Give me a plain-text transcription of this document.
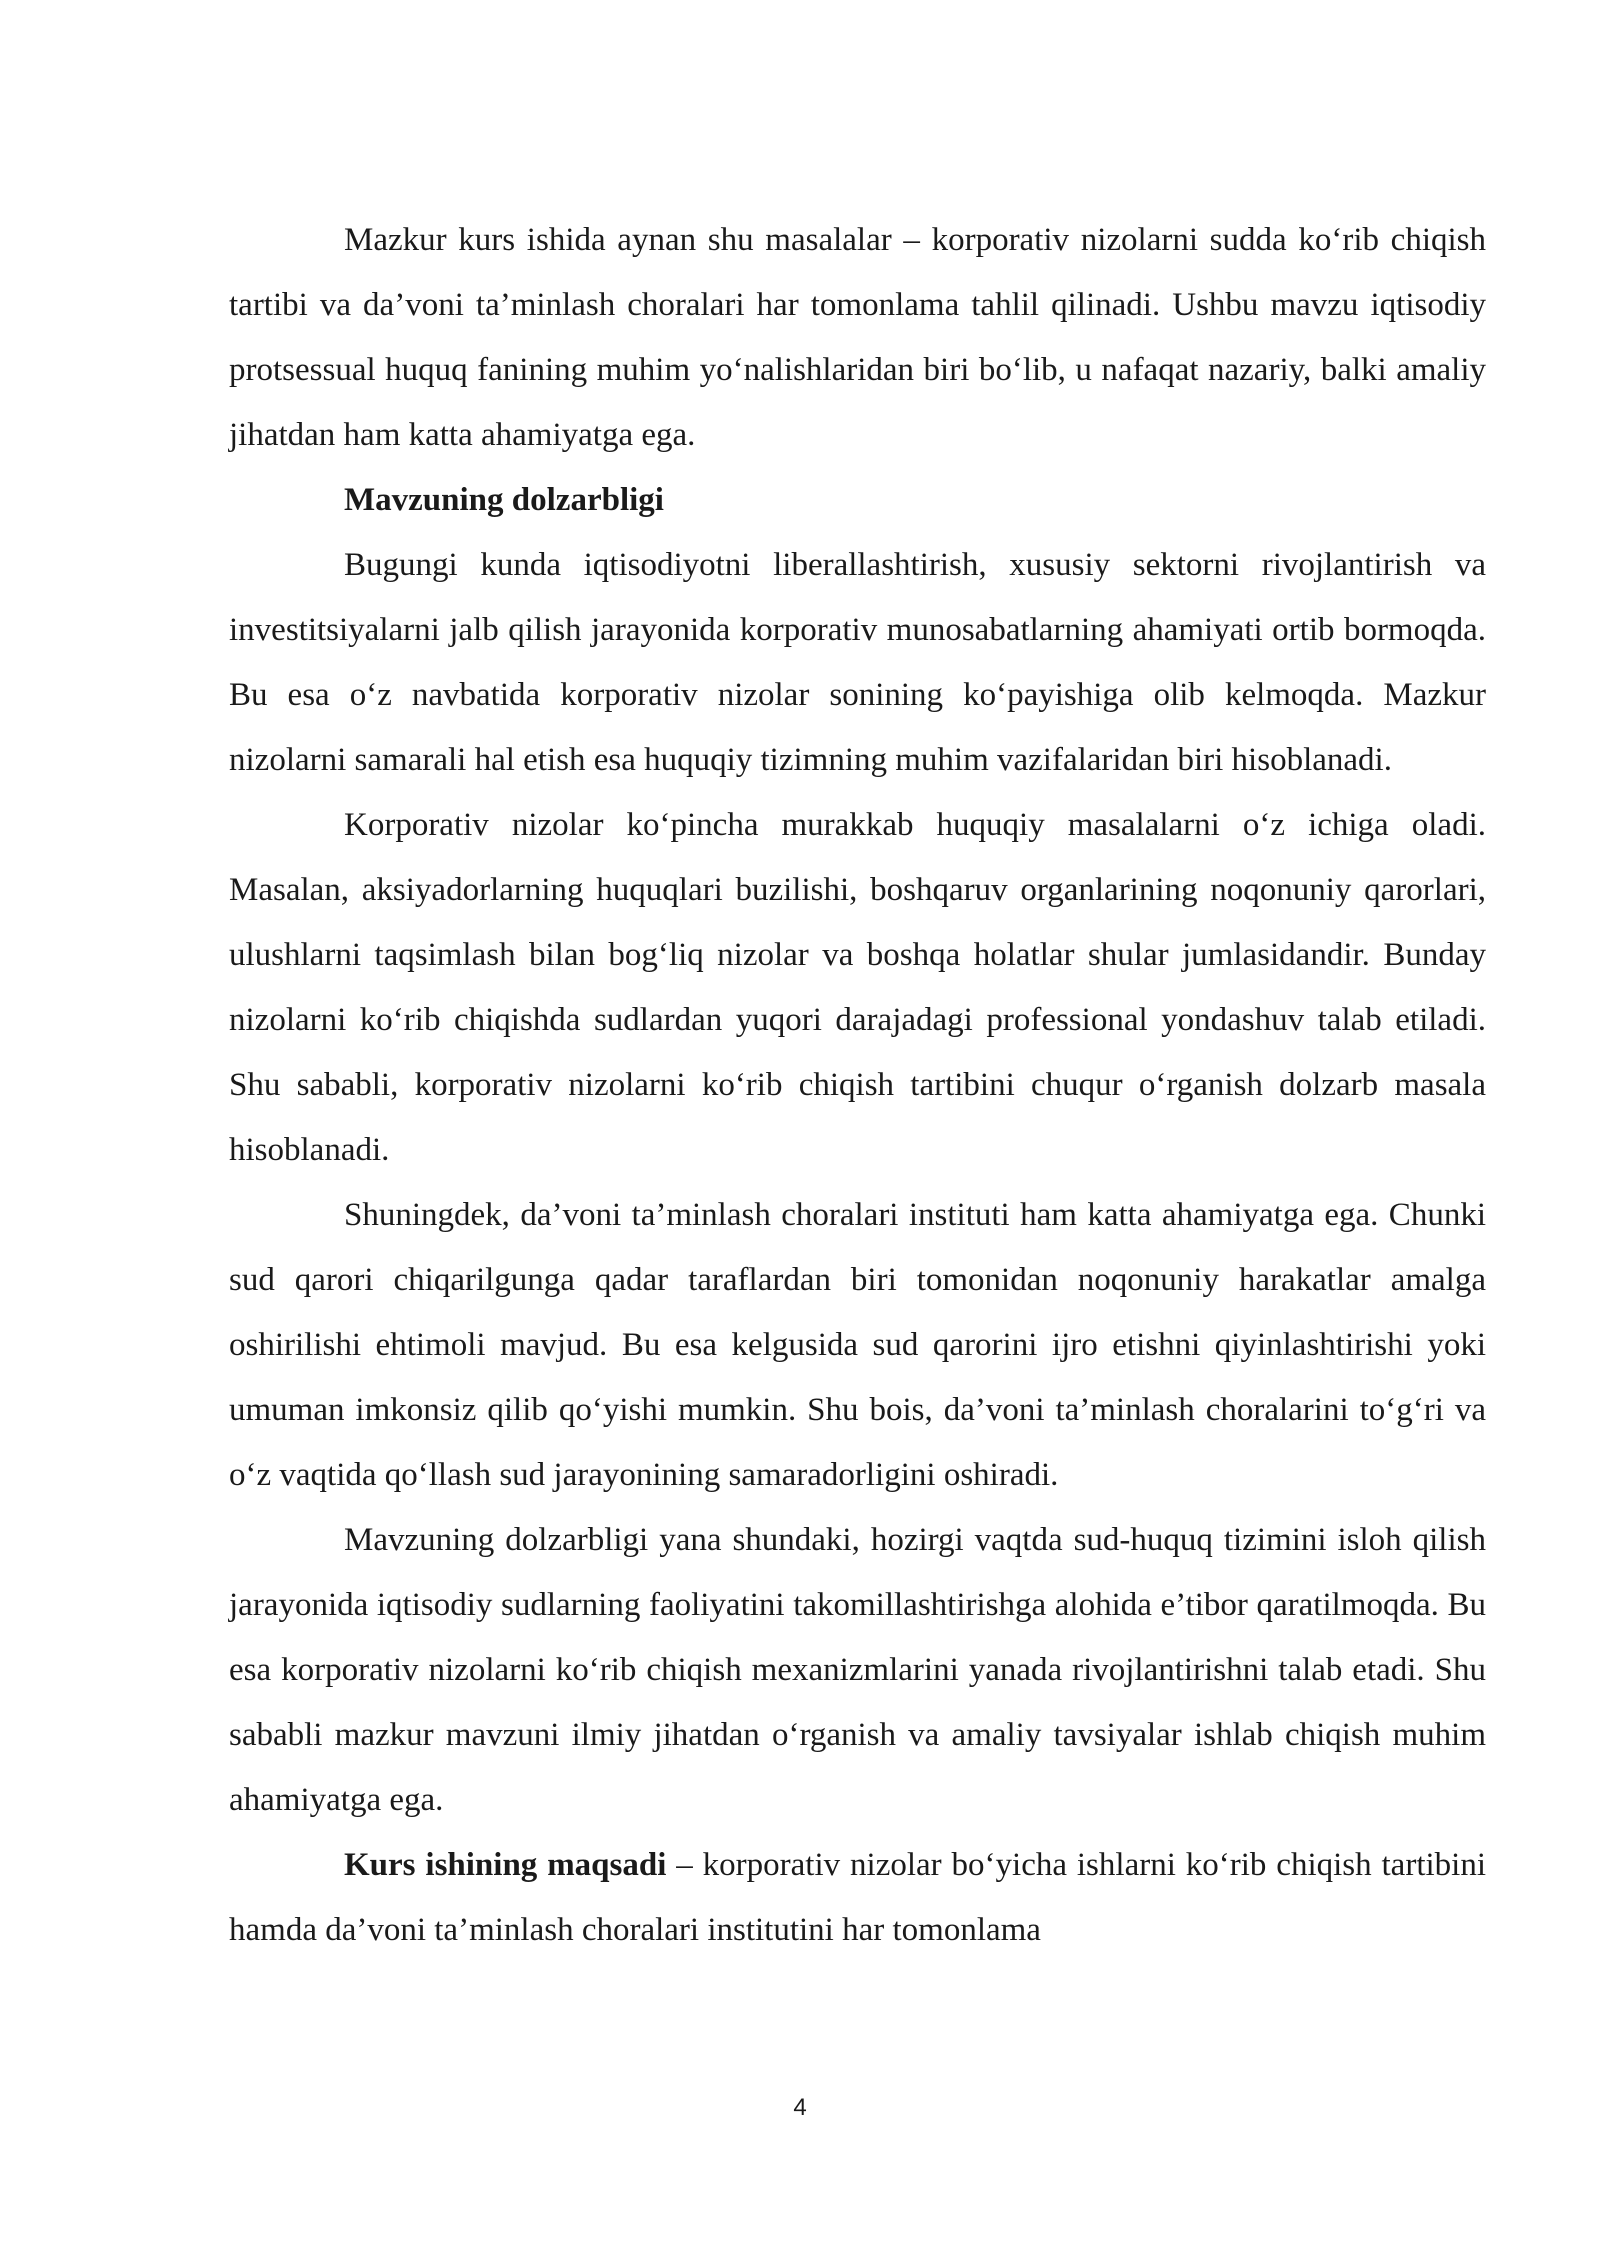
Mazkur kurs ishida aynan shu masalalar – korporativ nizolarni sudda ko‘rib chiqish tartibi va da’voni ta’minlash choralari har tomonlama tahlil qilinadi. Ushbu mavzu iqtisodiy protsessual huquq fanining muhim yo‘nalishlaridan biri bo‘lib, u nafaqat nazariy, balki amaliy jihatdan ham katta ahamiyatga ega.

Mavzuning dolzarbligi

Bugungi kunda iqtisodiyotni liberallashtirish, xususiy sektorni rivojlantirish va investitsiyalarni jalb qilish jarayonida korporativ munosabatlarning ahamiyati ortib bormoqda. Bu esa o‘z navbatida korporativ nizolar sonining ko‘payishiga olib kelmoqda. Mazkur nizolarni samarali hal etish esa huquqiy tizimning muhim vazifalaridan biri hisoblanadi.

Korporativ nizolar ko‘pincha murakkab huquqiy masalalarni o‘z ichiga oladi. Masalan, aksiyadorlarning huquqlari buzilishi, boshqaruv organlarining noqonuniy qarorlari, ulushlarni taqsimlash bilan bog‘liq nizolar va boshqa holatlar shular jumlasidandir. Bunday nizolarni ko‘rib chiqishda sudlardan yuqori darajadagi professional yondashuv talab etiladi. Shu sababli, korporativ nizolarni ko‘rib chiqish tartibini chuqur o‘rganish dolzarb masala hisoblanadi.

Shuningdek, da’voni ta’minlash choralari instituti ham katta ahamiyatga ega. Chunki sud qarori chiqarilgunga qadar taraflardan biri tomonidan noqonuniy harakatlar amalga oshirilishi ehtimoli mavjud. Bu esa kelgusida sud qarorini ijro etishni qiyinlashtirishi yoki umuman imkonsiz qilib qo‘yishi mumkin. Shu bois, da’voni ta’minlash choralarini to‘g‘ri va o‘z vaqtida qo‘llash sud jarayonining samaradorligini oshiradi.

Mavzuning dolzarbligi yana shundaki, hozirgi vaqtda sud-huquq tizimini isloh qilish jarayonida iqtisodiy sudlarning faoliyatini takomillashtirishga alohida e’tibor qaratilmoqda. Bu esa korporativ nizolarni ko‘rib chiqish mexanizmlarini yanada rivojlantirishni talab etadi. Shu sababli mazkur mavzuni ilmiy jihatdan o‘rganish va amaliy tavsiyalar ishlab chiqish muhim ahamiyatga ega.

Kurs ishining maqsadi – korporativ nizolar bo‘yicha ishlarni ko‘rib chiqish tartibini hamda da’voni ta’minlash choralari institutini har tomonlama

4
